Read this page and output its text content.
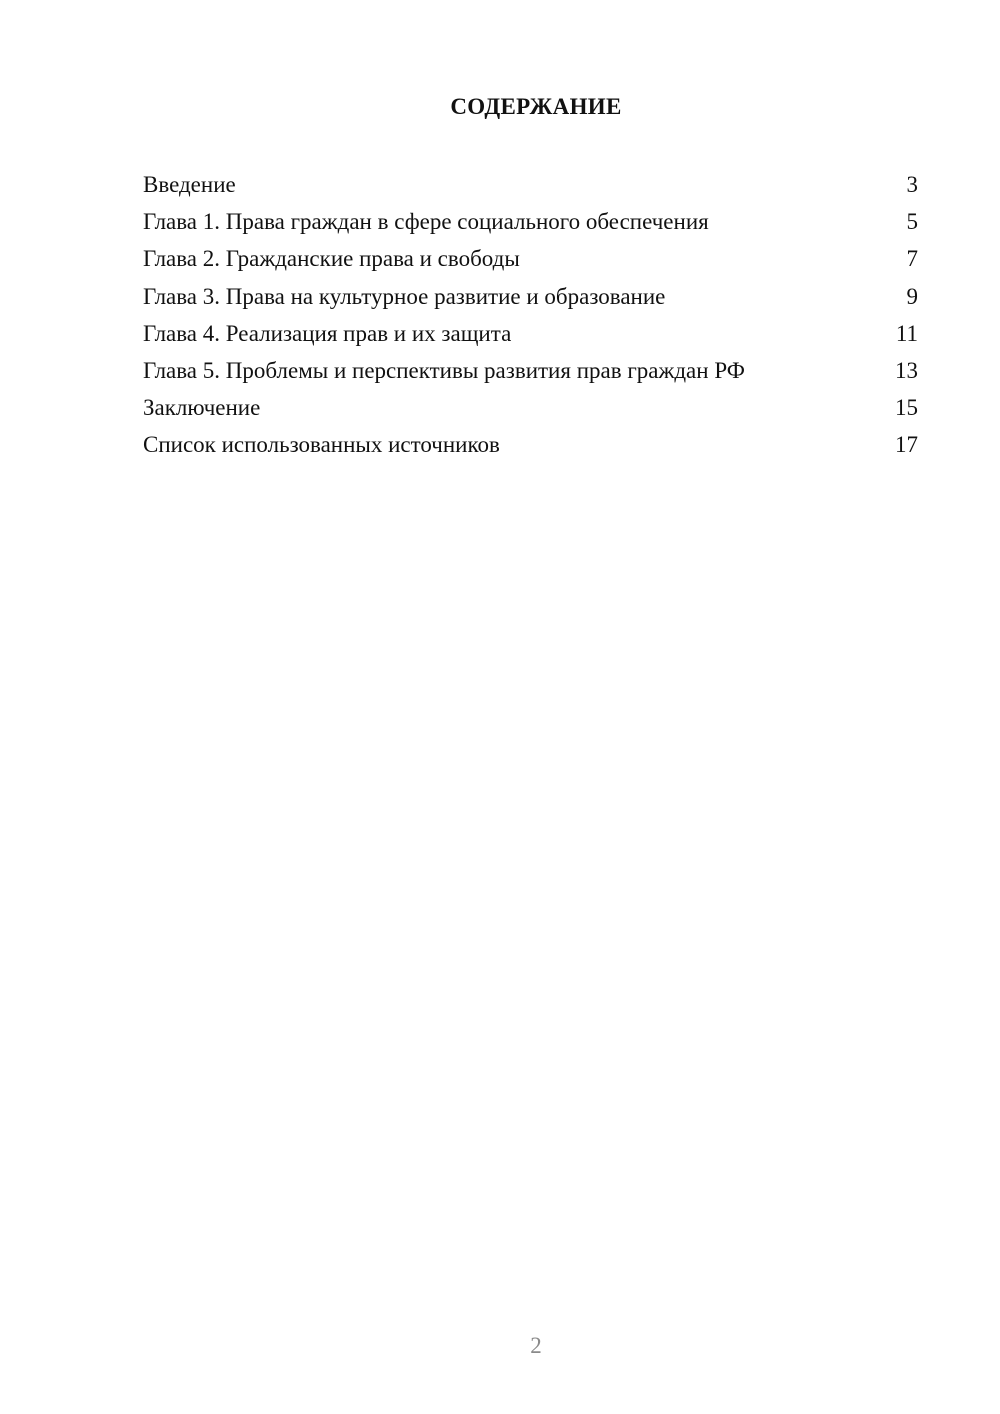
СОДЕРЖАНИЕ
Введение	3
Глава 1. Права граждан в сфере социального обеспечения	5
Глава 2. Гражданские права и свободы	7
Глава 3. Права на культурное развитие и образование	9
Глава 4. Реализация прав и их защита	11
Глава 5. Проблемы и перспективы развития прав граждан РФ	13
Заключение	15
Список использованных источников	17
2
